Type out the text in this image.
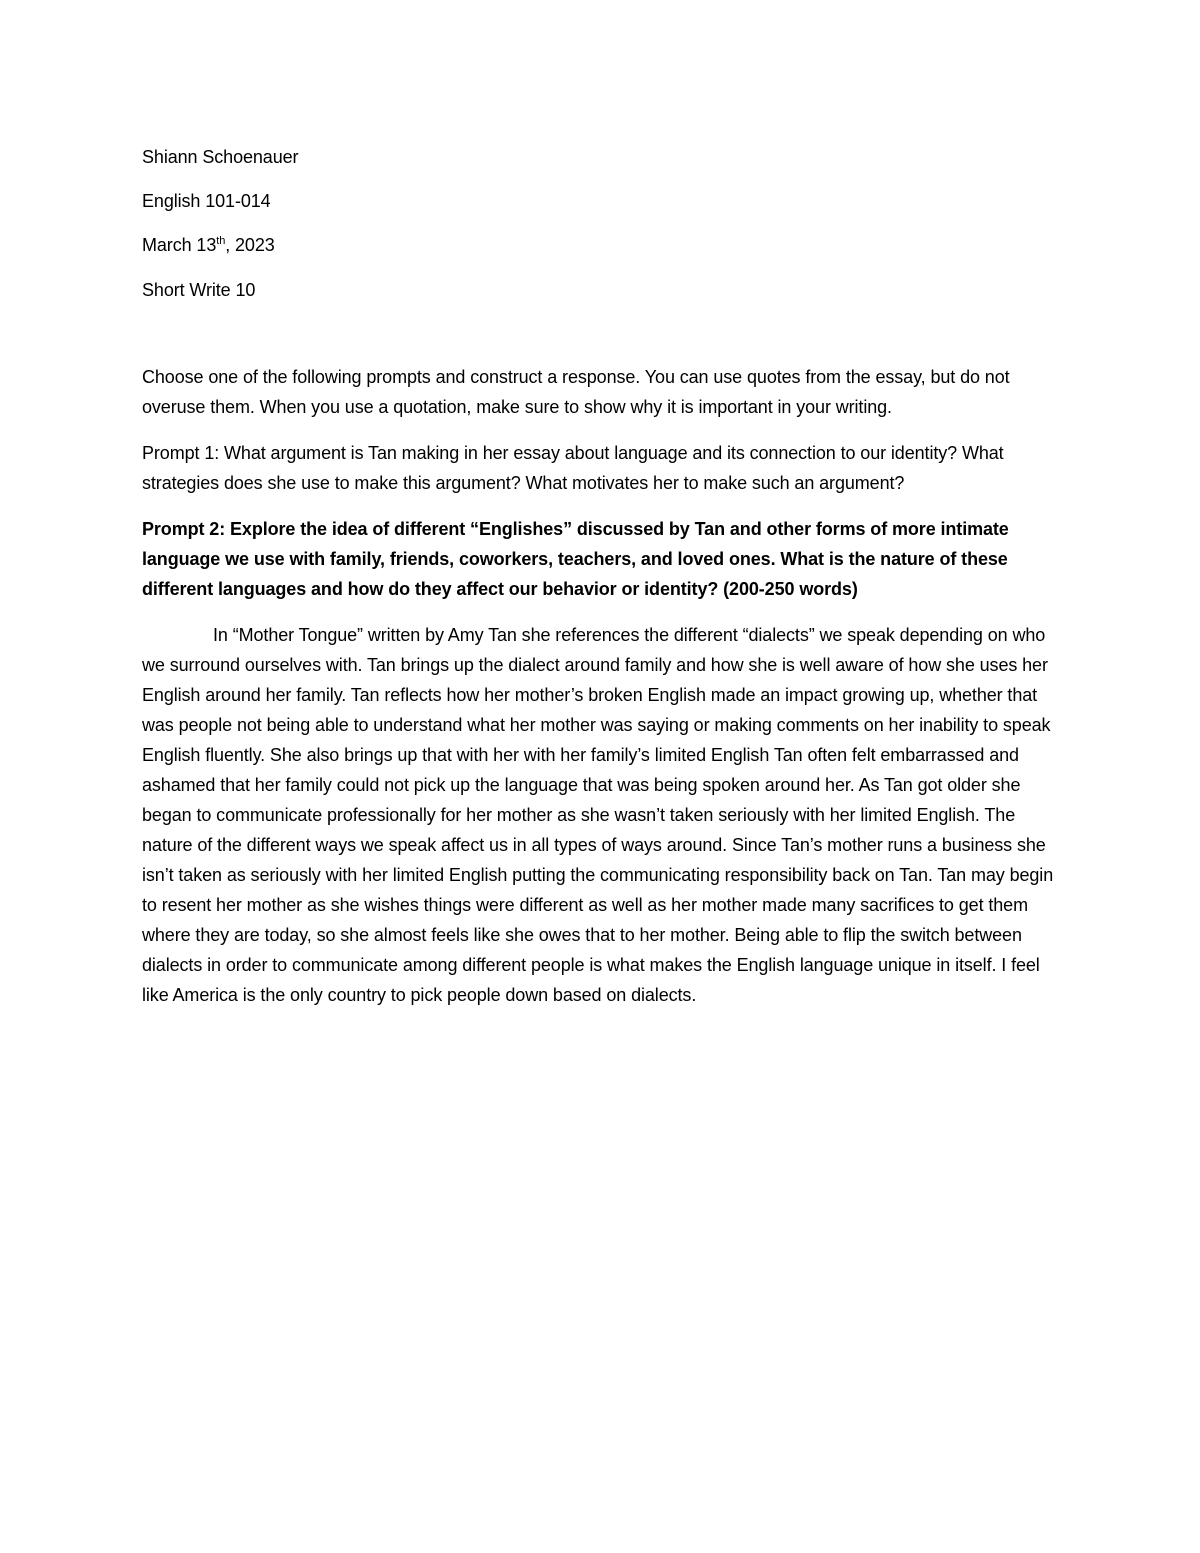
Shiann Schoenauer
English 101-014
March 13th, 2023
Short Write 10

Choose one of the following prompts and construct a response. You can use quotes from the essay, but do not overuse them. When you use a quotation, make sure to show why it is important in your writing.

Prompt 1: What argument is Tan making in her essay about language and its connection to our identity? What strategies does she use to make this argument? What motivates her to make such an argument?

Prompt 2: Explore the idea of different “Englishes” discussed by Tan and other forms of more intimate language we use with family, friends, coworkers, teachers, and loved ones. What is the nature of these different languages and how do they affect our behavior or identity? (200-250 words)

In “Mother Tongue” written by Amy Tan she references the different “dialects” we speak depending on who we surround ourselves with. Tan brings up the dialect around family and how she is well aware of how she uses her English around her family. Tan reflects how her mother’s broken English made an impact growing up, whether that was people not being able to understand what her mother was saying or making comments on her inability to speak English fluently. She also brings up that with her with her family’s limited English Tan often felt embarrassed and ashamed that her family could not pick up the language that was being spoken around her. As Tan got older she began to communicate professionally for her mother as she wasn’t taken seriously with her limited English. The nature of the different ways we speak affect us in all types of ways around. Since Tan’s mother runs a business she isn’t taken as seriously with her limited English putting the communicating responsibility back on Tan. Tan may begin to resent her mother as she wishes things were different as well as her mother made many sacrifices to get them where they are today, so she almost feels like she owes that to her mother. Being able to flip the switch between dialects in order to communicate among different people is what makes the English language unique in itself. I feel like America is the only country to pick people down based on dialects.
